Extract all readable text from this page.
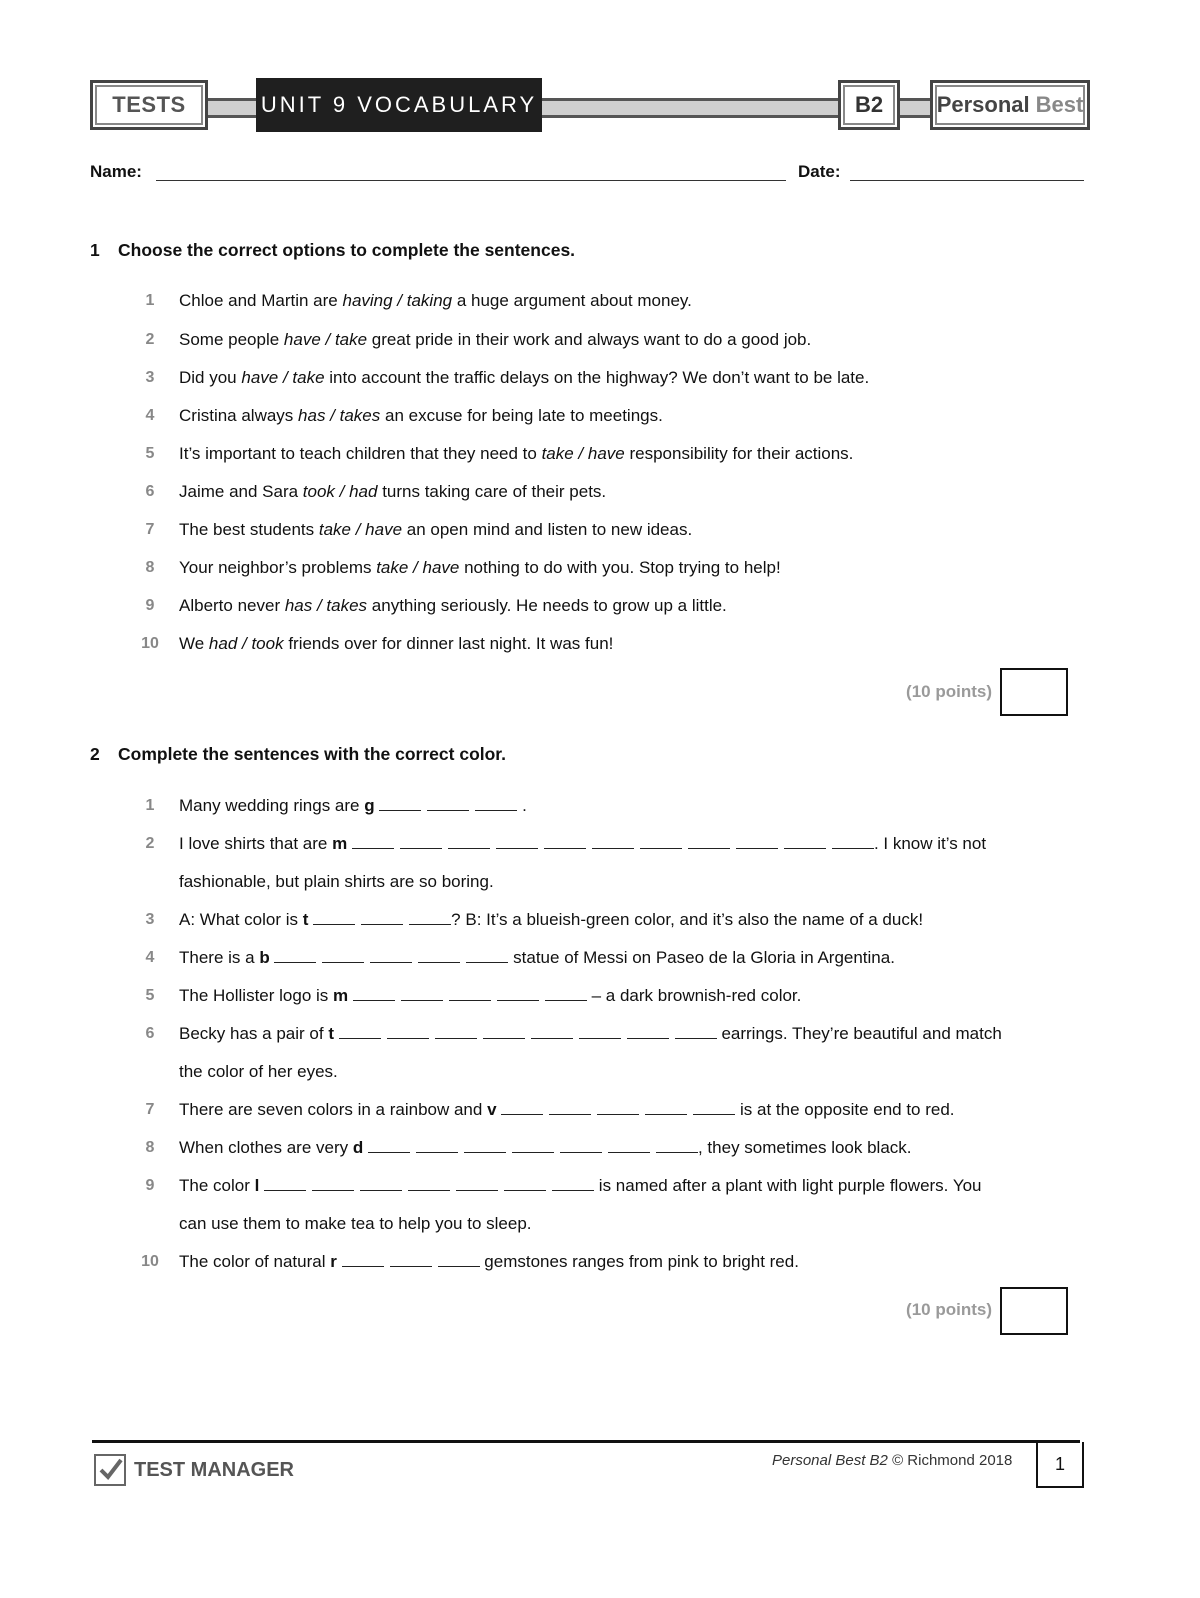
TESTS	UNIT 9 VOCABULARY	B2	Personal Best
Name:	Date:
1 Choose the correct options to complete the sentences.
1	Chloe and Martin are having / taking a huge argument about money.
2	Some people have / take great pride in their work and always want to do a good job.
3	Did you have / take into account the traffic delays on the highway? We don’t want to be late.
4	Cristina always has / takes an excuse for being late to meetings.
5	It’s important to teach children that they need to take / have responsibility for their actions.
6	Jaime and Sara took / had turns taking care of their pets.
7	The best students take / have an open mind and listen to new ideas.
8	Your neighbor’s problems take / have nothing to do with you. Stop trying to help!
9	Alberto never has / takes anything seriously. He needs to grow up a little.
10 We had / took friends over for dinner last night. It was fun!
(10 points)
2 Complete the sentences with the correct color.
1	Many wedding rings are g	.
2	I love shirts that are m	. I know it’s not
fashionable, but plain shirts are so boring.
3	A: What color is t	? B: It’s a blueish-green color, and it’s also the name of a duck!
4	There is a b	statue of Messi on Paseo de la Gloria in Argentina.
5	The Hollister logo is m	– a dark brownish-red color.
6	Becky has a pair of t	earrings. They’re beautiful and match
the color of her eyes.
7	There are seven colors in a rainbow and v	is at the opposite end to red.
8	When clothes are very d	, they sometimes look black.
9	The color l	is named after a plant with light purple flowers. You
can use them to make tea to help you to sleep.
10 The color of natural r	gemstones ranges from pink to bright red.
(10 points)
TEST MANAGER	Personal Best B2 © Richmond 2018	1
